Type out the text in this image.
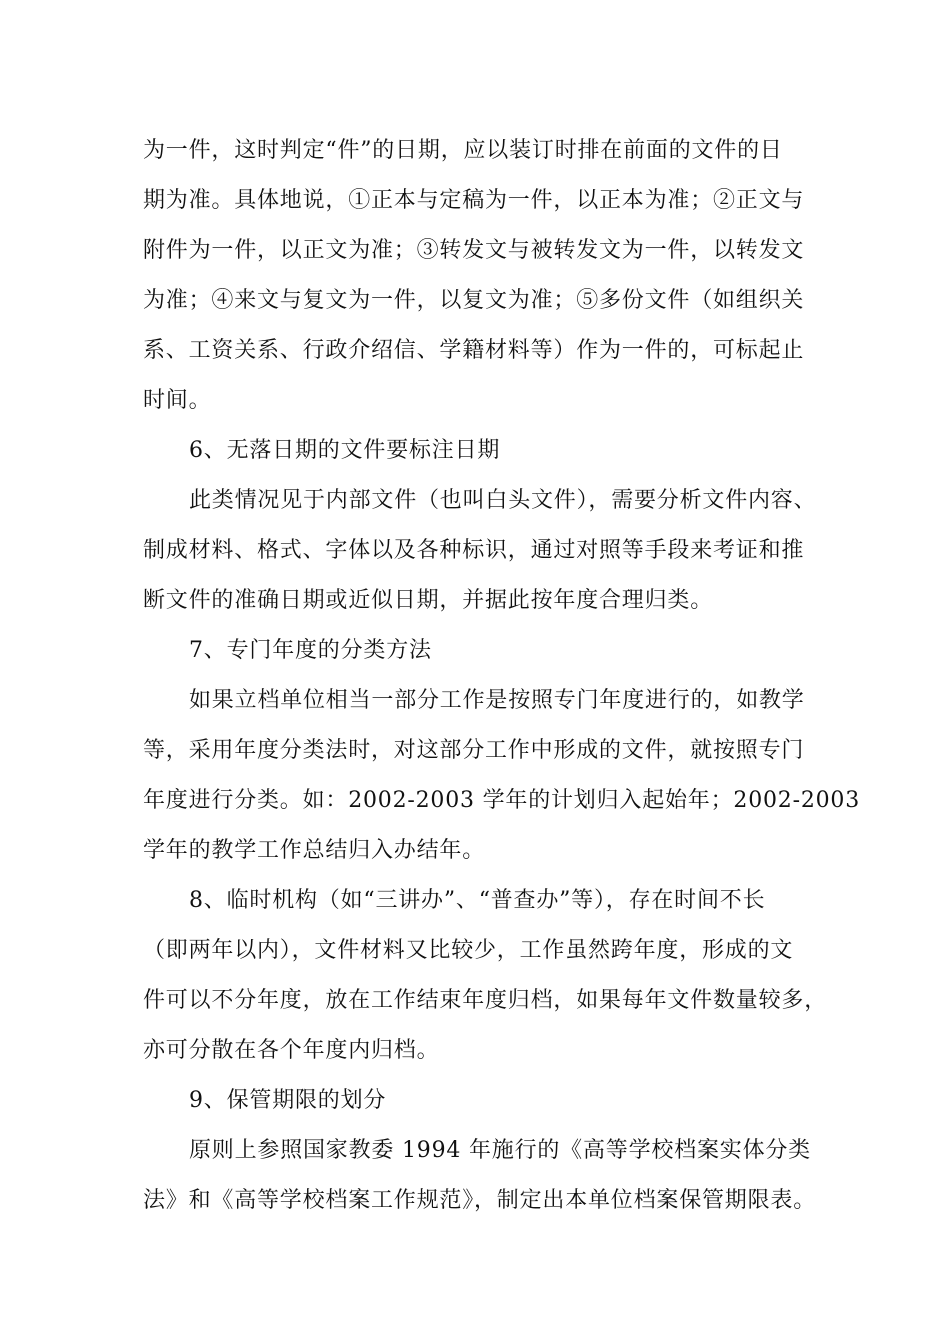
为一件，这时判定“件”的日期，应以装订时排在前面的文件的日
期为准。具体地说，①正本与定稿为一件，以正本为准；②正文与
附件为一件，以正文为准；③转发文与被转发文为一件，以转发文
为准；④来文与复文为一件，以复文为准；⑤多份文件（如组织关
系、工资关系、行政介绍信、学籍材料等）作为一件的，可标起止
时间。
6、无落日期的文件要标注日期
此类情况见于内部文件（也叫白头文件），需要分析文件内容、
制成材料、格式、字体以及各种标识，通过对照等手段来考证和推
断文件的准确日期或近似日期，并据此按年度合理归类。
7、专门年度的分类方法
如果立档单位相当一部分工作是按照专门年度进行的，如教学
等，采用年度分类法时，对这部分工作中形成的文件，就按照专门
年度进行分类。如：2002-2003 学年的计划归入起始年；2002-2003
学年的教学工作总结归入办结年。
8、临时机构（如“三讲办”、“普查办”等），存在时间不长
（即两年以内），文件材料又比较少，工作虽然跨年度，形成的文
件可以不分年度，放在工作结束年度归档，如果每年文件数量较多，
亦可分散在各个年度内归档。
9、保管期限的划分
原则上参照国家教委 1994 年施行的《高等学校档案实体分类
法》和《高等学校档案工作规范》，制定出本单位档案保管期限表。
